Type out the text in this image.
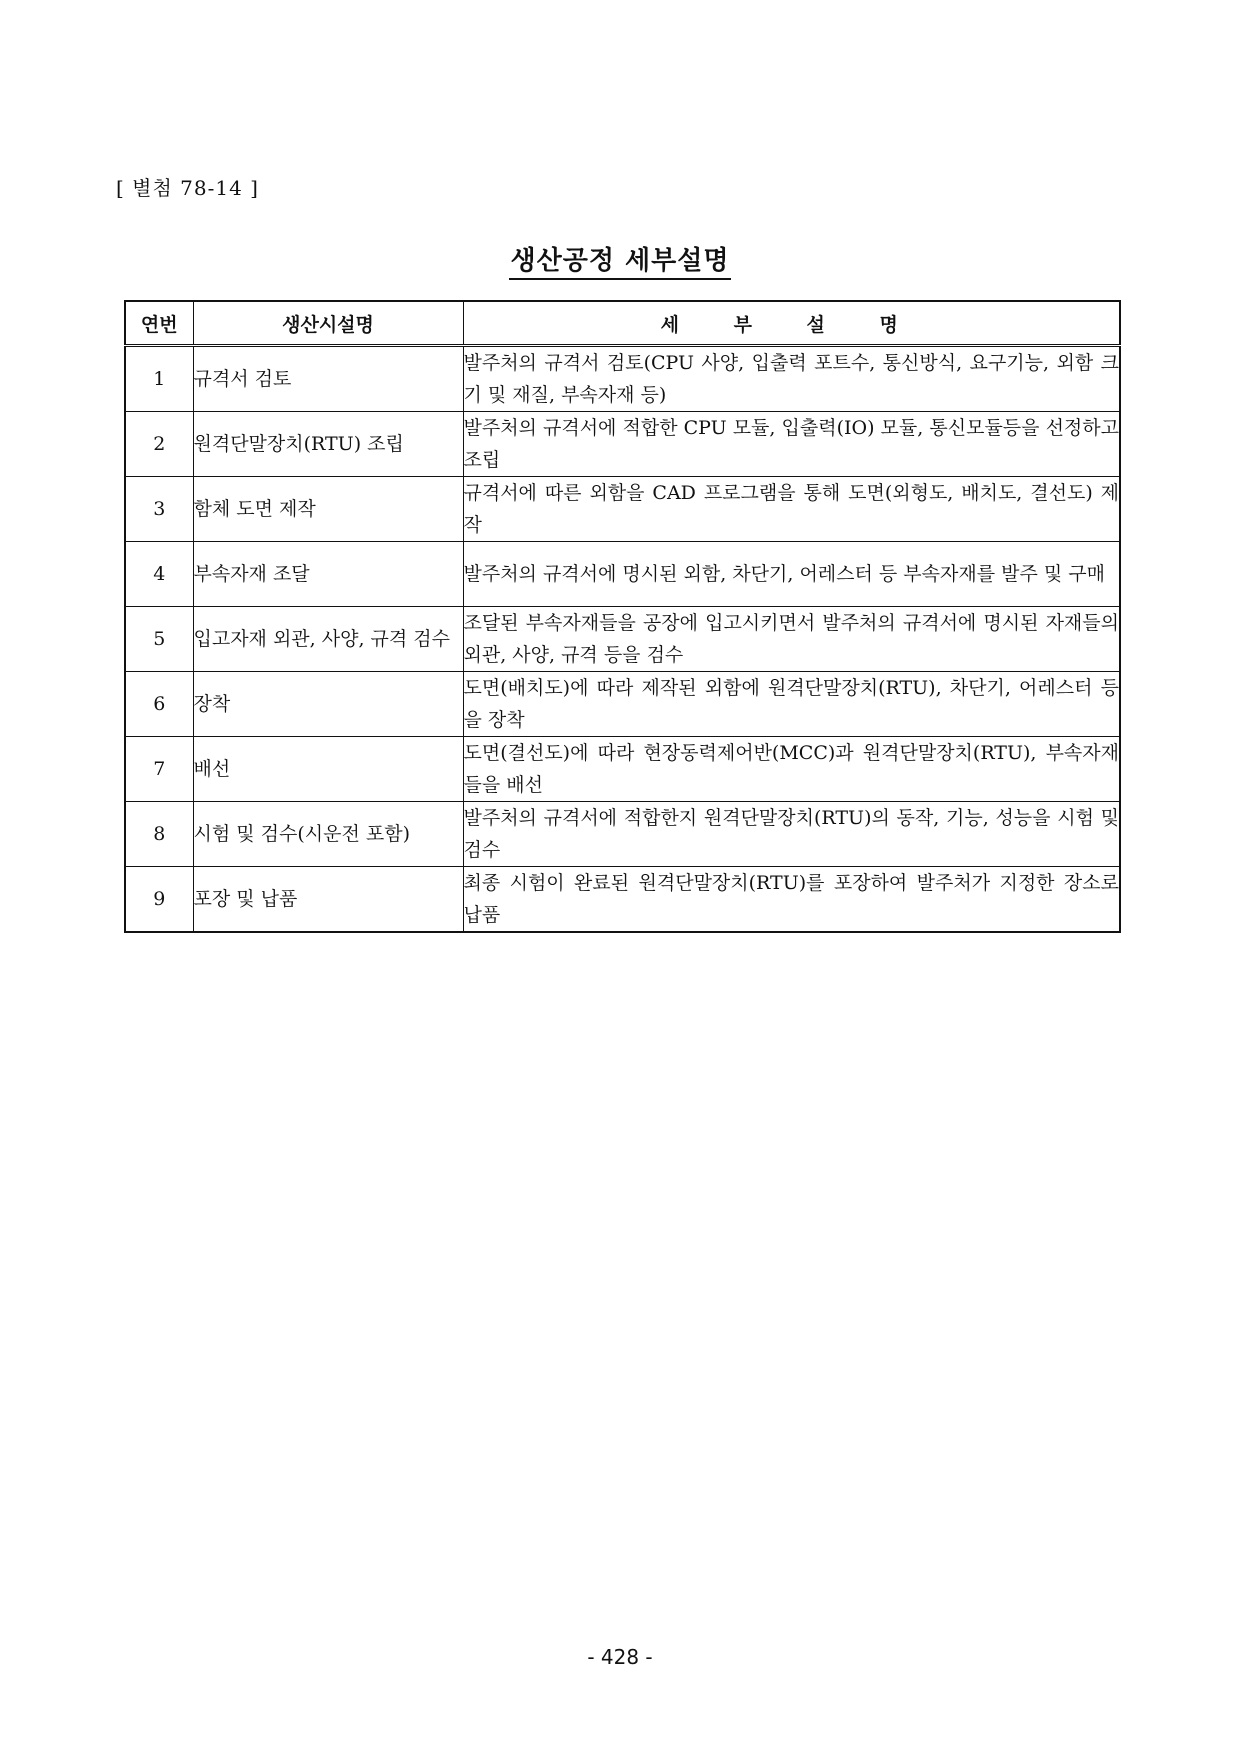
[ 별첨 78-14 ]
생산공정 세부설명
연번	생산시설명	세 부 설 명
1	규격서 검토	발주처의 규격서 검토(CPU 사양, 입출력 포트수, 통신방식, 요구기능, 외함 크기 및 재질, 부속자재 등)
2	원격단말장치(RTU) 조립	발주처의 규격서에 적합한 CPU 모듈, 입출력(IO) 모듈, 통신모듈등을 선정하고 조립
3	함체 도면 제작	규격서에 따른 외함을 CAD 프로그램을 통해 도면(외형도, 배치도, 결선도) 제작
4	부속자재 조달	발주처의 규격서에 명시된 외함, 차단기, 어레스터 등 부속자재를 발주 및 구매
5	입고자재 외관, 사양, 규격 검수	조달된 부속자재들을 공장에 입고시키면서 발주처의 규격서에 명시된 자재들의 외관, 사양, 규격 등을 검수
6	장착	도면(배치도)에 따라 제작된 외함에 원격단말장치(RTU), 차단기, 어레스터 등을 장착
7	배선	도면(결선도)에 따라 현장동력제어반(MCC)과 원격단말장치(RTU), 부속자재들을 배선
8	시험 및 검수(시운전 포함)	발주처의 규격서에 적합한지 원격단말장치(RTU)의 동작, 기능, 성능을 시험 및 검수
9	포장 및 납품	최종 시험이 완료된 원격단말장치(RTU)를 포장하여 발주처가 지정한 장소로 납품
- 428 -
